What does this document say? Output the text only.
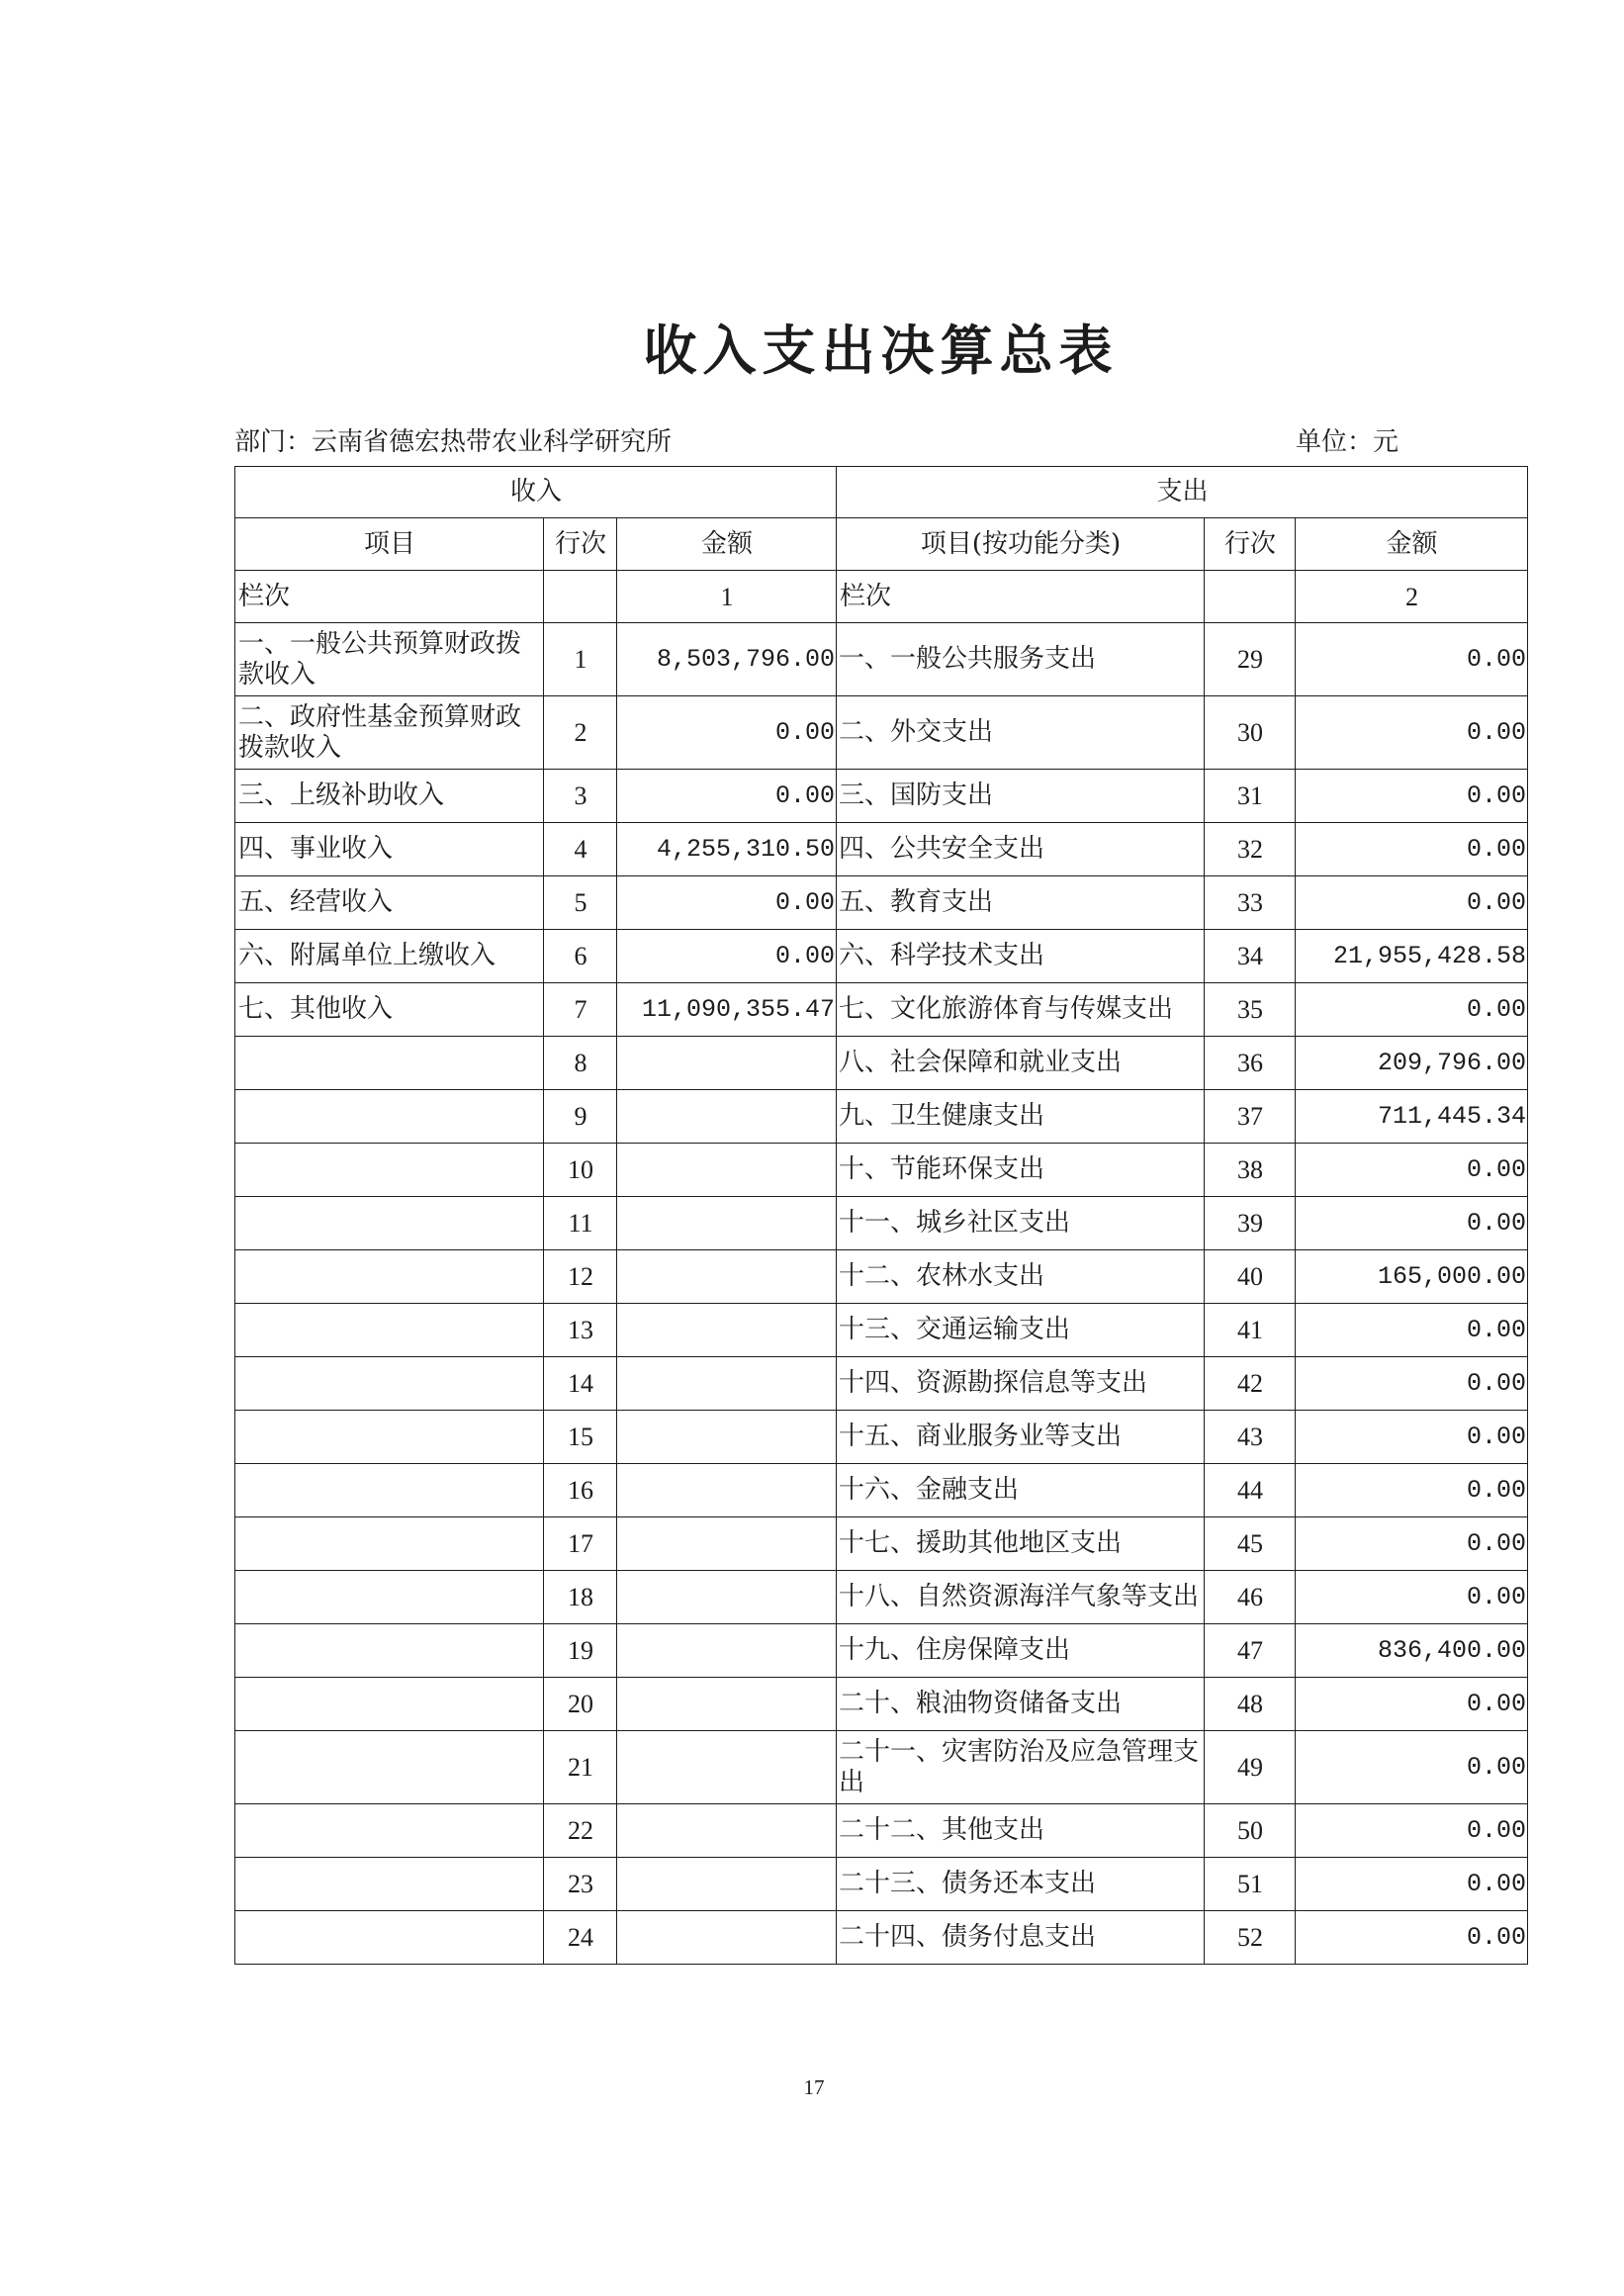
收入支出决算总表
部门：云南省德宏热带农业科学研究所	单位：元
收入			支出		
项目	行次	金额	项目(按功能分类)	行次	金额
栏次		1	栏次		2
一、一般公共预算财政拨款收入	1	8,503,796.00	一、一般公共服务支出	29	0.00
二、政府性基金预算财政拨款收入	2	0.00	二、外交支出	30	0.00
三、上级补助收入	3	0.00	三、国防支出	31	0.00
四、事业收入	4	4,255,310.50	四、公共安全支出	32	0.00
五、经营收入	5	0.00	五、教育支出	33	0.00
六、附属单位上缴收入	6	0.00	六、科学技术支出	34	21,955,428.58
七、其他收入	7	11,090,355.47	七、文化旅游体育与传媒支出	35	0.00
	8		八、社会保障和就业支出	36	209,796.00
	9		九、卫生健康支出	37	711,445.34
	10		十、节能环保支出	38	0.00
	11		十一、城乡社区支出	39	0.00
	12		十二、农林水支出	40	165,000.00
	13		十三、交通运输支出	41	0.00
	14		十四、资源勘探信息等支出	42	0.00
	15		十五、商业服务业等支出	43	0.00
	16		十六、金融支出	44	0.00
	17		十七、援助其他地区支出	45	0.00
	18		十八、自然资源海洋气象等支出	46	0.00
	19		十九、住房保障支出	47	836,400.00
	20		二十、粮油物资储备支出	48	0.00
	21		二十一、灾害防治及应急管理支出	49	0.00
	22		二十二、其他支出	50	0.00
	23		二十三、债务还本支出	51	0.00
	24		二十四、债务付息支出	52	0.00
17
